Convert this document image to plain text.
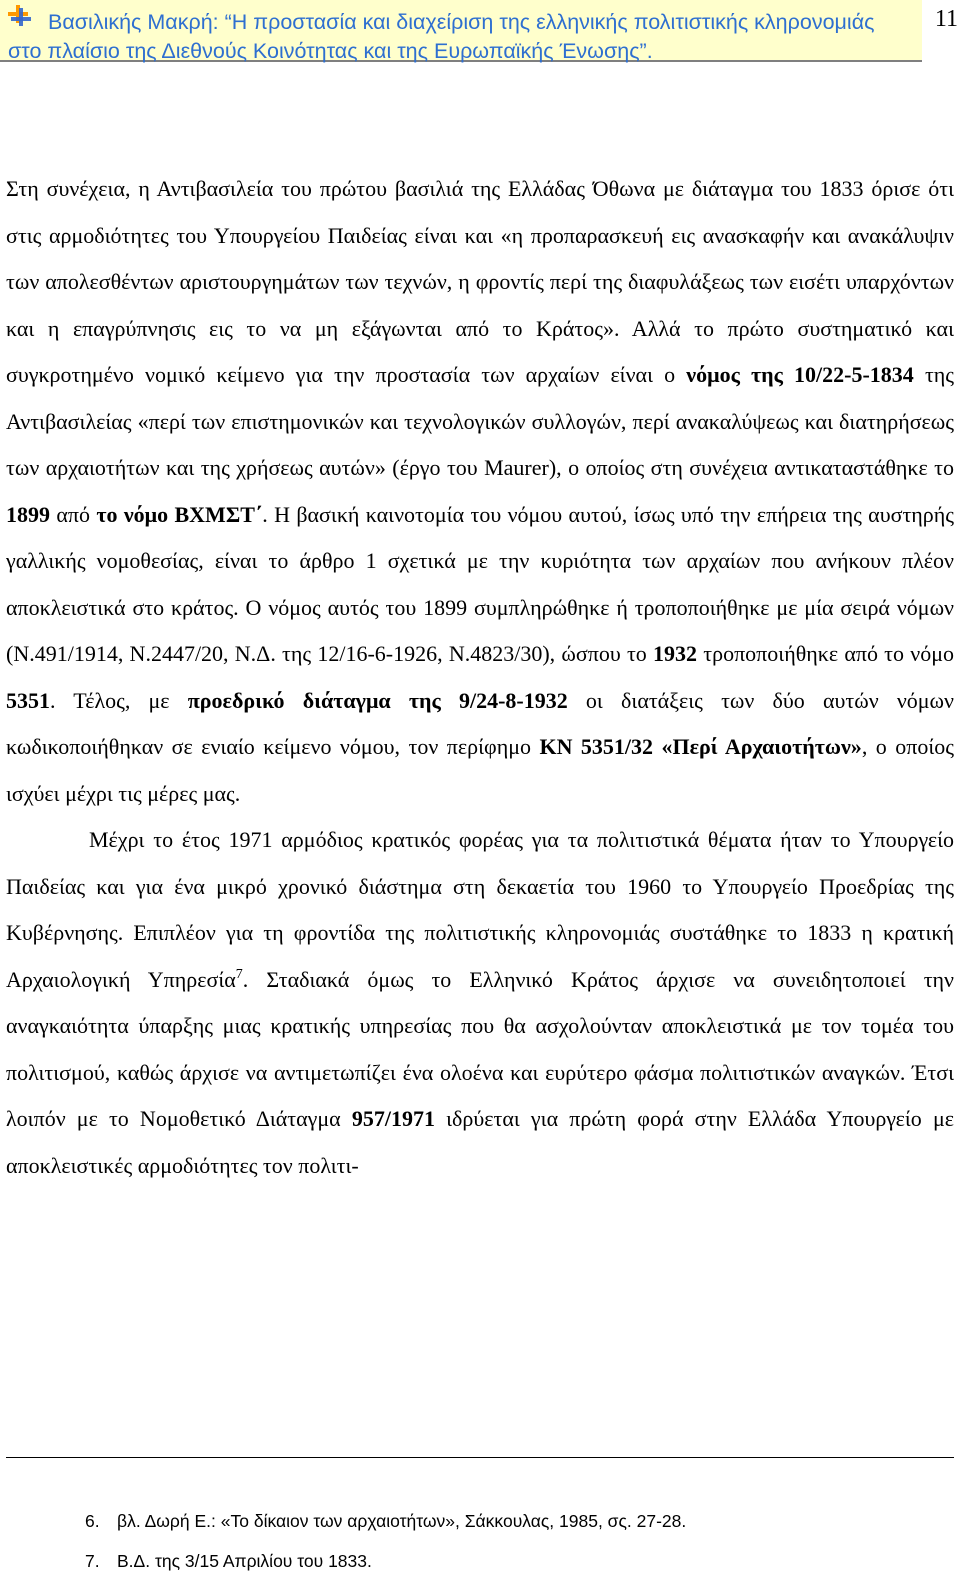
Βασιλικής Μακρή: “Η προστασία και διαχείριση της ελληνικής πολιτιστικής κληρονομιάς στο πλαίσιο της Διεθνούς Κοινότητας και της Ευρωπαϊκής Ένωσης”.

11

Στη συνέχεια, η Αντιβασιλεία του πρώτου βασιλιά της Ελλάδας Όθωνα με διάταγμα του 1833 όρισε ότι στις αρμοδιότητες του Υπουργείου Παιδείας είναι και «η προπαρασκευή εις ανασκαφήν και ανακάλυψιν των απολεσθέντων αριστουργημάτων των τεχνών, η φροντίς περί της διαφυλάξεως των εισέτι υπαρχόντων και η επαγρύπνησις εις το να μη εξάγωνται από το Κράτος». Αλλά το πρώτο συστηματικό και συγκροτημένο νομικό κείμενο για την προστασία των αρχαίων είναι ο νόμος της 10/22-5-1834 της Αντιβασιλείας «περί των επιστημονικών και τεχνολογικών συλλογών, περί ανακαλύψεως και διατηρήσεως των αρχαιοτήτων και της χρήσεως αυτών» (έργο του Maurer), ο οποίος στη συνέχεια αντικαταστάθηκε το 1899 από το νόμο ΒΧΜΣΤ΄. Η βασική καινοτομία του νόμου αυτού, ίσως υπό την επήρεια της αυστηρής γαλλικής νομοθεσίας, είναι το άρθρο 1 σχετικά με την κυριότητα των αρχαίων που ανήκουν πλέον αποκλειστικά στο κράτος. Ο νόμος αυτός του 1899 συμπληρώθηκε ή τροποποιήθηκε με μία σειρά νόμων (Ν.491/1914, Ν.2447/20, Ν.Δ. της 12/16-6-1926, Ν.4823/30), ώσπου το 1932 τροποποιήθηκε από το νόμο 5351. Τέλος, με προεδρικό διάταγμα της 9/24-8-1932 οι διατάξεις των δύο αυτών νόμων κωδικοποιήθηκαν σε ενιαίο κείμενο νόμου, τον περίφημο ΚΝ 5351/32 «Περί Αρχαιοτήτων», ο οποίος ισχύει μέχρι τις μέρες μας.

Μέχρι το έτος 1971 αρμόδιος κρατικός φορέας για τα πολιτιστικά θέματα ήταν το Υπουργείο Παιδείας και για ένα μικρό χρονικό διάστημα στη δεκαετία του 1960 το Υπουργείο Προεδρίας της Κυβέρνησης. Επιπλέον για τη φροντίδα της πολιτιστικής κληρονομιάς συστάθηκε το 1833 η κρατική Αρχαιολογική Υπηρεσία$^7$. Σταδιακά όμως το Ελληνικό Κράτος άρχισε να συνειδητοποιεί την αναγκαιότητα ύπαρξης μιας κρατικής υπηρεσίας που θα ασχολούνταν αποκλειστικά με τον τομέα του πολιτισμού, καθώς άρχισε να αντιμετωπίζει ένα ολοένα και ευρύτερο φάσμα πολιτιστικών αναγκών. Έτσι λοιπόν με το Νομοθετικό Διάταγμα 957/1971 ιδρύεται για πρώτη φορά στην Ελλάδα Υπουργείο με αποκλειστικές αρμοδιότητες τον πολιτι-

6. βλ. Δωρή Ε.: «Το δίκαιον των αρχαιοτήτων», Σάκκουλας, 1985, σς. 27-28.
7. Β.Δ. της 3/15 Απριλίου του 1833.
